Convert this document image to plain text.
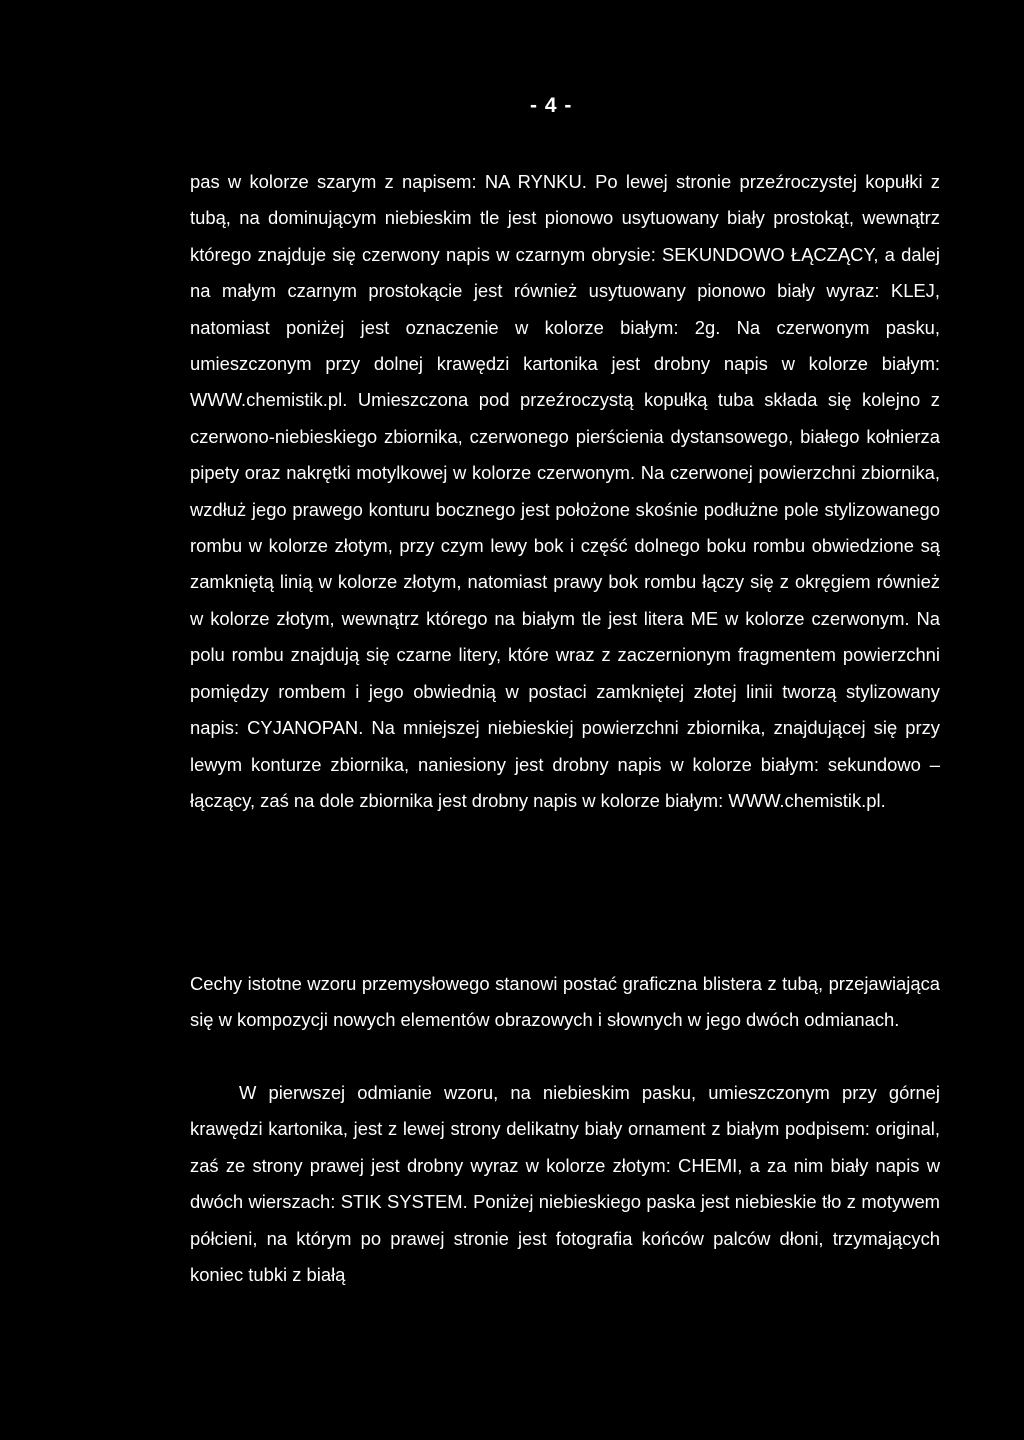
- 4 -

pas w kolorze szarym z napisem: NA RYNKU. Po lewej stronie przeźroczystej kopułki z tubą, na dominującym niebieskim tle jest pionowo usytuowany biały prostokąt, wewnątrz którego znajduje się czerwony napis w czarnym obrysie: SEKUNDOWO ŁĄCZĄCY, a dalej na małym czarnym prostokącie jest również usytuowany pionowo biały wyraz: KLEJ, natomiast poniżej jest oznaczenie w kolorze białym: 2g. Na czerwonym pasku, umieszczonym przy dolnej krawędzi kartonika jest drobny napis w kolorze białym: WWW.chemistik.pl. Umieszczona pod przeźroczystą kopułką tuba składa się kolejno z czerwono-niebieskiego zbiornika, czerwonego pierścienia dystansowego, białego kołnierza pipety oraz nakrętki motylkowej w kolorze czerwonym. Na czerwonej powierzchni zbiornika, wzdłuż jego prawego konturu bocznego jest położone skośnie podłużne pole stylizowanego rombu w kolorze złotym, przy czym lewy bok i część dolnego boku rombu obwiedzione są zamkniętą linią w kolorze złotym, natomiast prawy bok rombu łączy się z okręgiem również w kolorze złotym, wewnątrz którego na białym tle jest litera ME w kolorze czerwonym. Na polu rombu znajdują się czarne litery, które wraz z zaczernionym fragmentem powierzchni pomiędzy rombem i jego obwiednią w postaci zamkniętej złotej linii tworzą stylizowany napis: CYJANOPAN. Na mniejszej niebieskiej powierzchni zbiornika, znajdującej się przy lewym konturze zbiornika, naniesiony jest drobny napis w kolorze białym: sekundowo – łączący, zaś na dole zbiornika jest drobny napis w kolorze białym: WWW.chemistik.pl.

Cechy istotne wzoru przemysłowego stanowi postać graficzna blistera z tubą, przejawiająca się w kompozycji nowych elementów obrazowych i słownych w jego dwóch odmianach.

W pierwszej odmianie wzoru, na niebieskim pasku, umieszczonym przy górnej krawędzi kartonika, jest z lewej strony delikatny biały ornament z białym podpisem: original, zaś ze strony prawej jest drobny wyraz w kolorze złotym: CHEMI, a za nim biały napis w dwóch wierszach: STIK SYSTEM. Poniżej niebieskiego paska jest niebieskie tło z motywem półcieni, na którym po prawej stronie jest fotografia końców palców dłoni, trzymających koniec tubki z białą
